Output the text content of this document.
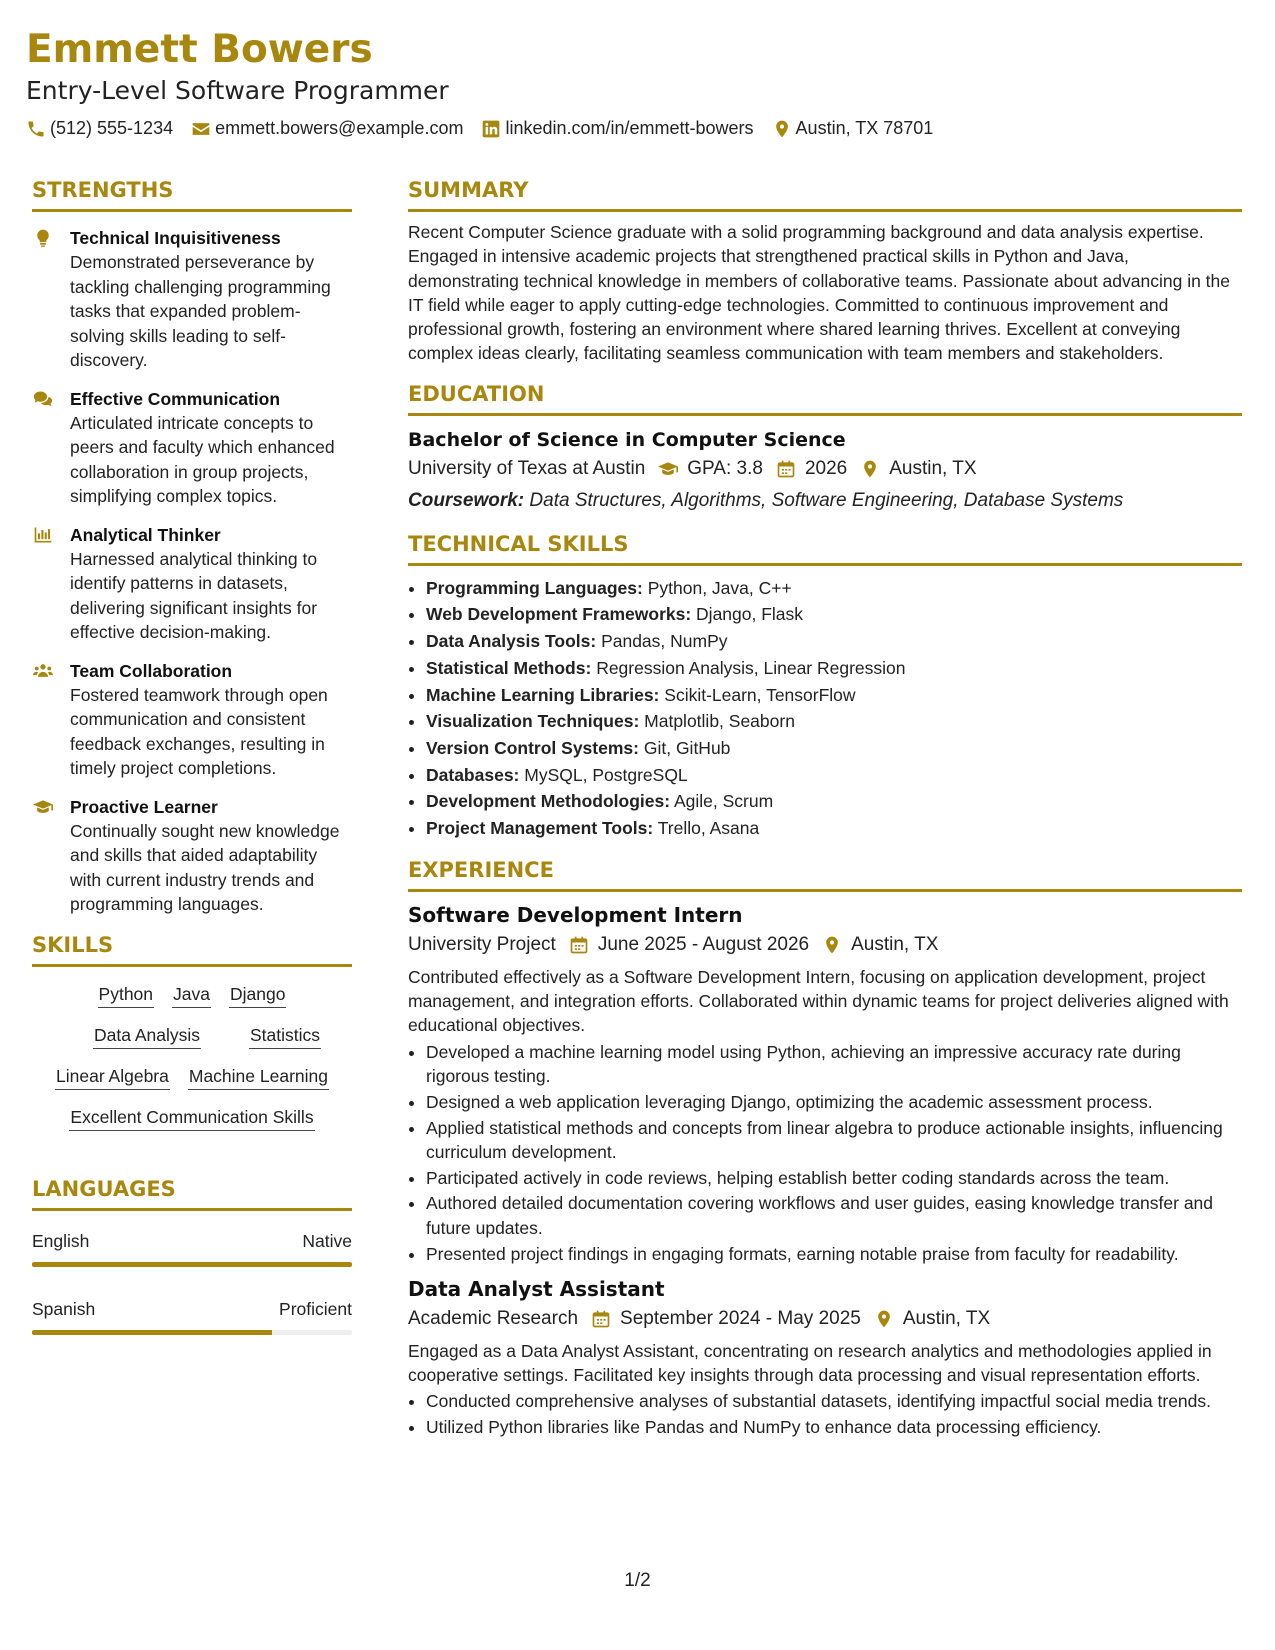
Emmett Bowers
Entry-Level Software Programmer
(512) 555-1234 emmett.bowers@example.com linkedin.com/in/emmett-bowers Austin, TX 78701
STRENGTHS
Technical Inquisitiveness
Demonstrated perseverance by tackling challenging programming tasks that expanded problem-solving skills leading to self-discovery.
Effective Communication
Articulated intricate concepts to peers and faculty which enhanced collaboration in group projects, simplifying complex topics.
Analytical Thinker
Harnessed analytical thinking to identify patterns in datasets, delivering significant insights for effective decision-making.
Team Collaboration
Fostered teamwork through open communication and consistent feedback exchanges, resulting in timely project completions.
Proactive Learner
Continually sought new knowledge and skills that aided adaptability with current industry trends and programming languages.
SKILLS
Python Java Django
Data Analysis	Statistics
Linear Algebra Machine Learning
Excellent Communication Skills
LANGUAGES
English	Native
Spanish	Proficient
SUMMARY
Recent Computer Science graduate with a solid programming background and data analysis expertise. Engaged in intensive academic projects that strengthened practical skills in Python and Java, demonstrating technical knowledge in members of collaborative teams. Passionate about advancing in the IT field while eager to apply cutting-edge technologies. Committed to continuous improvement and professional growth, fostering an environment where shared learning thrives. Excellent at conveying complex ideas clearly, facilitating seamless communication with team members and stakeholders.
EDUCATION
Bachelor of Science in Computer Science
University of Texas at Austin GPA: 3.8 2026 Austin, TX
Coursework: Data Structures, Algorithms, Software Engineering, Database Systems
TECHNICAL SKILLS
• Programming Languages: Python, Java, C++
• Web Development Frameworks: Django, Flask
• Data Analysis Tools: Pandas, NumPy
• Statistical Methods: Regression Analysis, Linear Regression
• Machine Learning Libraries: Scikit-Learn, TensorFlow
• Visualization Techniques: Matplotlib, Seaborn
• Version Control Systems: Git, GitHub
• Databases: MySQL, PostgreSQL
• Development Methodologies: Agile, Scrum
• Project Management Tools: Trello, Asana
EXPERIENCE
Software Development Intern
University Project June 2025 - August 2026 Austin, TX
Contributed effectively as a Software Development Intern, focusing on application development, project management, and integration efforts. Collaborated within dynamic teams for project deliveries aligned with educational objectives.
• Developed a machine learning model using Python, achieving an impressive accuracy rate during rigorous testing.
• Designed a web application leveraging Django, optimizing the academic assessment process.
• Applied statistical methods and concepts from linear algebra to produce actionable insights, influencing curriculum development.
• Participated actively in code reviews, helping establish better coding standards across the team.
• Authored detailed documentation covering workflows and user guides, easing knowledge transfer and future updates.
• Presented project findings in engaging formats, earning notable praise from faculty for readability.
Data Analyst Assistant
Academic Research September 2024 - May 2025 Austin, TX
Engaged as a Data Analyst Assistant, concentrating on research analytics and methodologies applied in cooperative settings. Facilitated key insights through data processing and visual representation efforts.
• Conducted comprehensive analyses of substantial datasets, identifying impactful social media trends.
• Utilized Python libraries like Pandas and NumPy to enhance data processing efficiency.
1/2
